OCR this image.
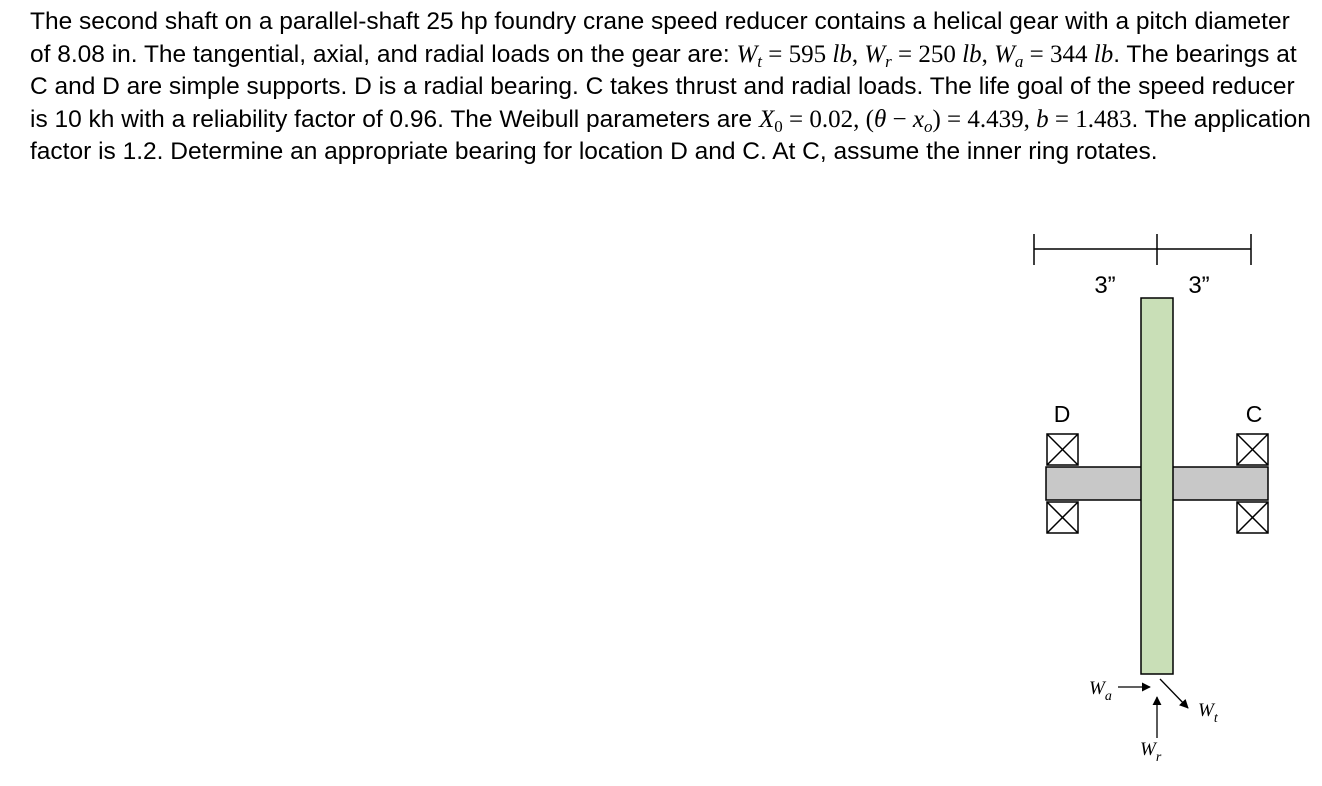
The second shaft on a parallel-shaft 25 hp foundry crane speed reducer contains a helical gear with a pitch diameter of 8.08 in. The tangential, axial, and radial loads on the gear are: $W_t = 595$ lb, $W_r = 250$ lb, $W_a = 344$ lb. The bearings at C and D are simple supports. D is a radial bearing. C takes thrust and radial loads. The life goal of the speed reducer is 10 kh with a reliability factor of 0.96. The Weibull parameters are $X_0 = 0.02$, $(\theta - x_o) = 4.439$, b = 1.483. The application factor is 1.2. Determine an appropriate bearing for location D and C. At C, assume the inner ring rotates.

3”	3”
D	C
$W_a$
$W_t$
$W_r$
